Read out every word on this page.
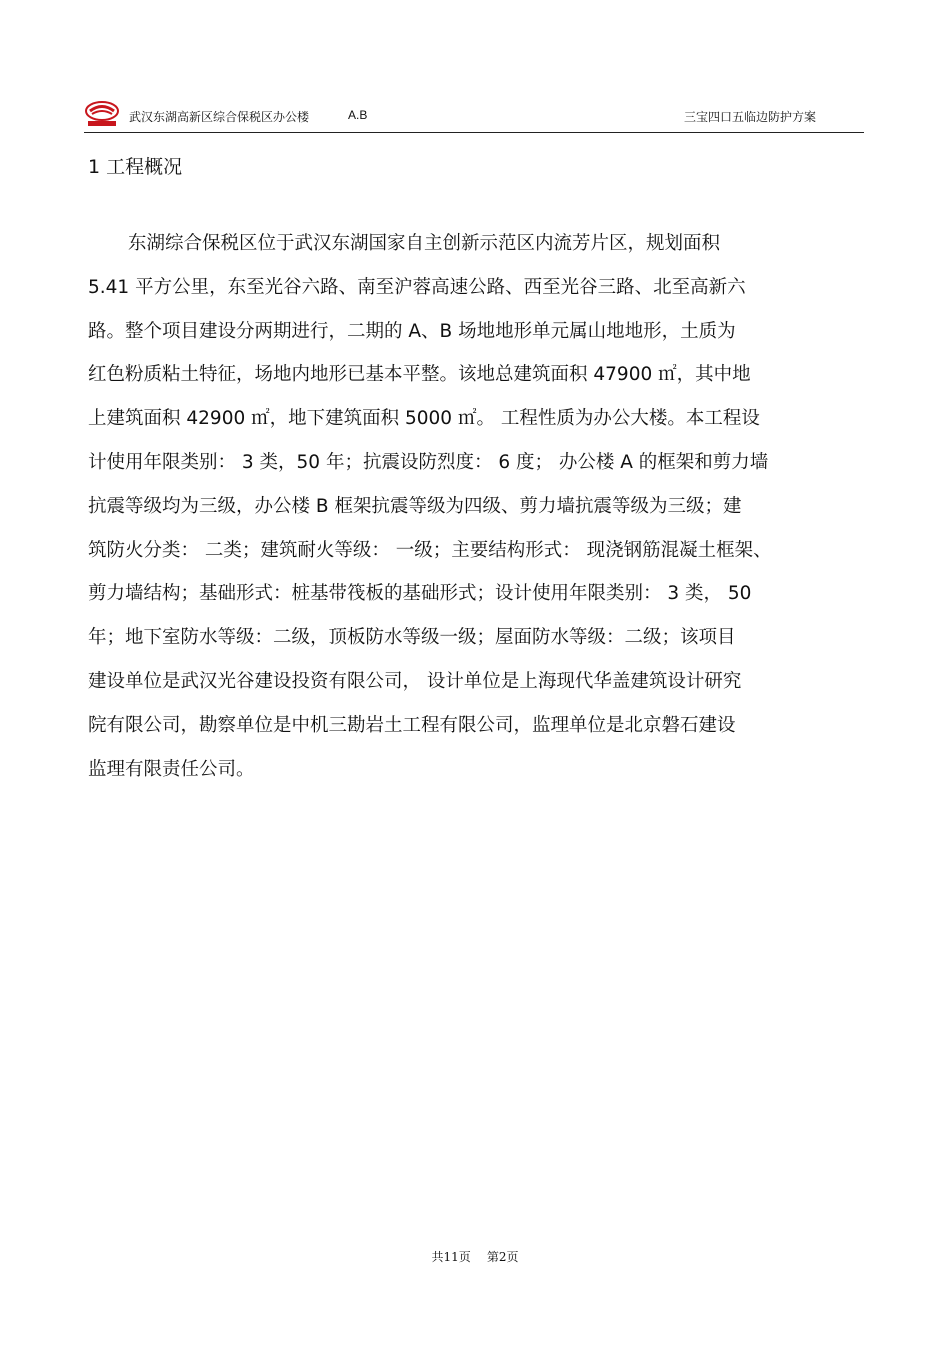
武汉东湖高新区综合保税区办公楼	A.B	三宝四口五临边防护方案
1 工程概况
东湖综合保税区位于武汉东湖国家自主创新示范区内流芳片区，规划面积
5.41 平方公里，东至光谷六路、南至沪蓉高速公路、西至光谷三路、北至高新六
路。整个项目建设分两期进行，二期的 A、B 场地地形单元属山地地形，土质为
红色粉质粘土特征，场地内地形已基本平整。该地总建筑面积 47900 ㎡，其中地
上建筑面积 42900 ㎡，地下建筑面积 5000 ㎡。 工程性质为办公大楼。本工程设
计使用年限类别： 3 类，50 年；抗震设防烈度： 6 度； 办公楼 A 的框架和剪力墙
抗震等级均为三级，办公楼 B 框架抗震等级为四级、剪力墙抗震等级为三级；建
筑防火分类： 二类；建筑耐火等级： 一级；主要结构形式： 现浇钢筋混凝土框架、
剪力墙结构；基础形式：桩基带筏板的基础形式；设计使用年限类别： 3 类， 50
年；地下室防水等级：二级，顶板防水等级一级；屋面防水等级：二级；该项目
建设单位是武汉光谷建设投资有限公司， 设计单位是上海现代华盖建筑设计研究
院有限公司，勘察单位是中机三勘岩土工程有限公司，监理单位是北京磐石建设
监理有限责任公司。
共11页 第2页
